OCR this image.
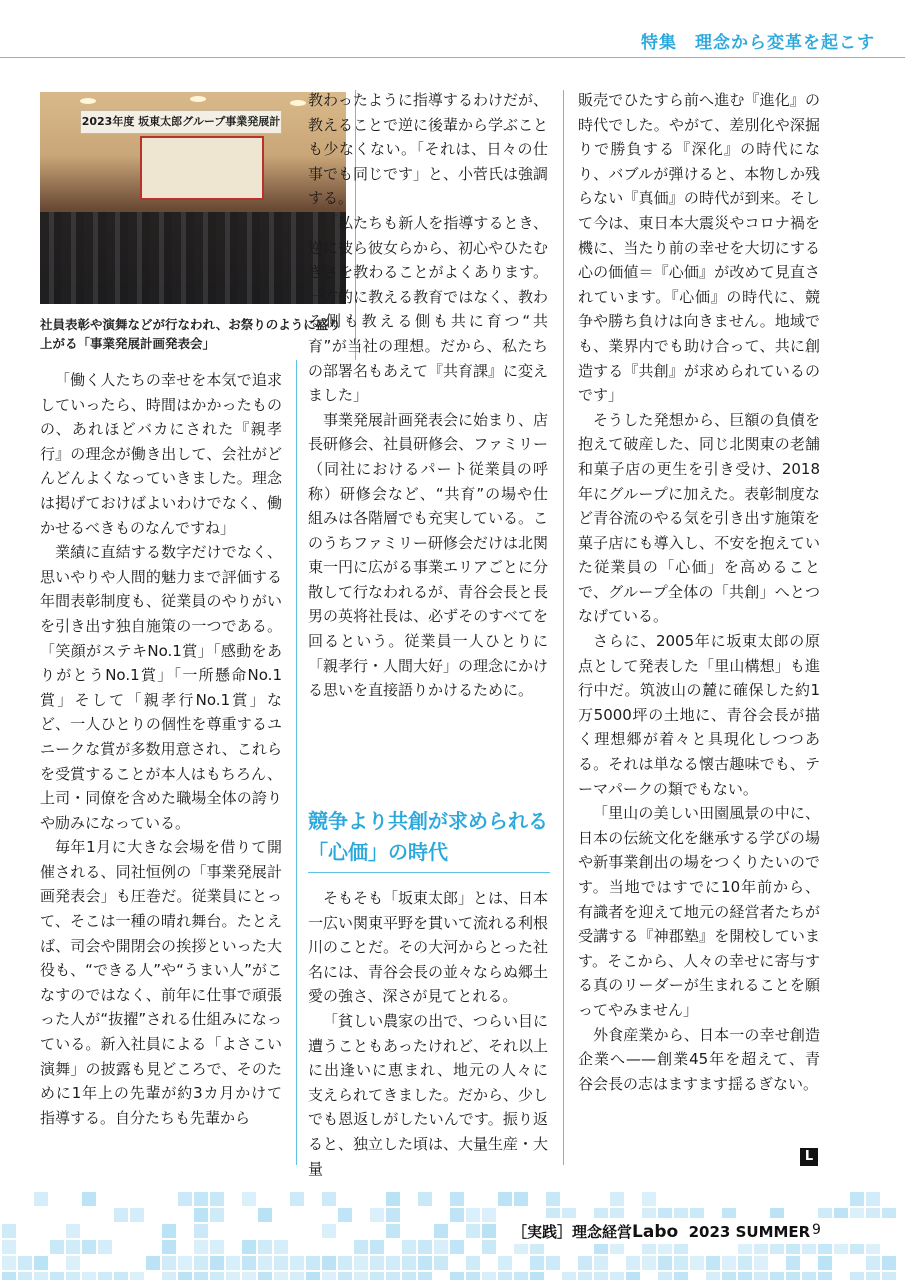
特集　理念から変革を起こす
2023年度 坂東太郎グループ事業発展計
社員表彰や演舞などが行なわれ、お祭りのように盛り上がる「事業発展計画発表会」

「働く人たちの幸せを本気で追求していったら、時間はかかったものの、あれほどバカにされた『親孝行』の理念が働き出して、会社がどんどんよくなっていきました。理念は掲げておけばよいわけでなく、働かせるべきものなんですね」

業績に直結する数字だけでなく、思いやりや人間的魅力まで評価する年間表彰制度も、従業員のやりがいを引き出す独自施策の一つである。「笑顔がステキNo.1賞」「感動をありがとうNo.1賞」「一所懸命No.1賞」そして「親孝行No.1賞」など、一人ひとりの個性を尊重するユニークな賞が多数用意され、これらを受賞することが本人はもちろん、上司・同僚を含めた職場全体の誇りや励みになっている。

毎年1月に大きな会場を借りて開催される、同社恒例の「事業発展計画発表会」も圧巻だ。従業員にとって、そこは一種の晴れ舞台。たとえば、司会や開閉会の挨拶といった大役も、“できる人”や“うまい人”がこなすのではなく、前年に仕事で頑張った人が“抜擢”される仕組みになっている。新入社員による「よさこい演舞」の披露も見どころで、そのために1年上の先輩が約3カ月かけて指導する。自分たちも先輩から

教わったように指導するわけだが、教えることで逆に後輩から学ぶことも少なくない。「それは、日々の仕事でも同じです」と、小菅氏は強調する。

「私たちも新人を指導するとき、逆に彼ら彼女らから、初心やひたむきさを教わることがよくあります。一方的に教える教育ではなく、教わる側も教える側も共に育つ“共育”が当社の理想。だから、私たちの部署名もあえて『共育課』に変えました」

事業発展計画発表会に始まり、店長研修会、社員研修会、ファミリー（同社におけるパート従業員の呼称）研修会など、“共育”の場や仕組みは各階層でも充実している。このうちファミリー研修会だけは北関東一円に広がる事業エリアごとに分散して行なわれるが、青谷会長と長男の英将社長は、必ずそのすべてを回るという。従業員一人ひとりに「親孝行・人間大好」の理念にかける思いを直接語りかけるために。

競争より共創が求められる
「心価」の時代

そもそも「坂東太郎」とは、日本一広い関東平野を貫いて流れる利根川のことだ。その大河からとった社名には、青谷会長の並々ならぬ郷土愛の強さ、深さが見てとれる。

「貧しい農家の出で、つらい目に遭うこともあったけれど、それ以上に出逢いに恵まれ、地元の人々に支えられてきました。だから、少しでも恩返しがしたいんです。振り返ると、独立した頃は、大量生産・大量

販売でひたすら前へ進む『進化』の時代でした。やがて、差別化や深掘りで勝負する『深化』の時代になり、バブルが弾けると、本物しか残らない『真価』の時代が到来。そして今は、東日本大震災やコロナ禍を機に、当たり前の幸せを大切にする心の価値＝『心価』が改めて見直されています。『心価』の時代に、競争や勝ち負けは向きません。地域でも、業界内でも助け合って、共に創造する『共創』が求められているのです」

そうした発想から、巨額の負債を抱えて破産した、同じ北関東の老舗和菓子店の更生を引き受け、2018年にグループに加えた。表彰制度など青谷流のやる気を引き出す施策を菓子店にも導入し、不安を抱えていた従業員の「心価」を高めることで、グループ全体の「共創」へとつなげている。

さらに、2005年に坂東太郎の原点として発表した「里山構想」も進行中だ。筑波山の麓に確保した約1万5000坪の土地に、青谷会長が描く理想郷が着々と具現化しつつある。それは単なる懐古趣味でも、テーマパークの類でもない。

「里山の美しい田園風景の中に、日本の伝統文化を継承する学びの場や新事業創出の場をつくりたいのです。当地ではすでに10年前から、有識者を迎えて地元の経営者たちが受講する『神郡塾』を開校しています。そこから、人々の幸せに寄与する真のリーダーが生まれることを願ってやみません」

外食産業から、日本一の幸せ創造企業へ——創業45年を超えて、青谷会長の志はますます揺るぎない。

L
［実践］理念経営Labo 2023 SUMMER 9
